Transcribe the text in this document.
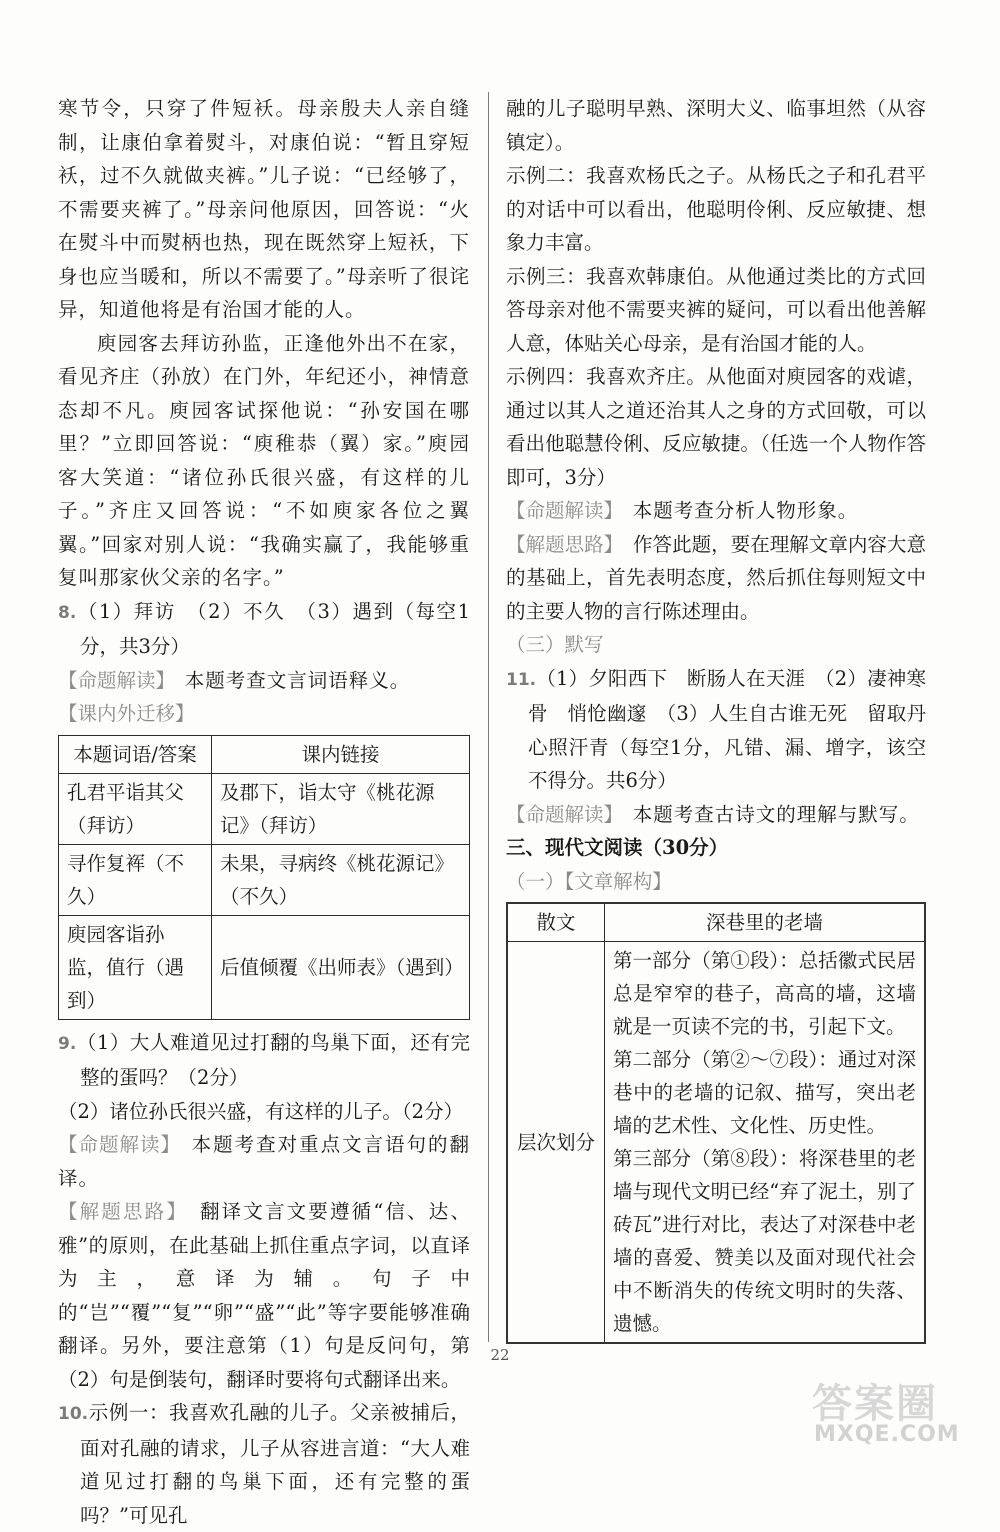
寒节令，只穿了件短袄。母亲殷夫人亲自缝制，让康伯拿着熨斗，对康伯说：“暂且穿短袄，过不久就做夹裤。”儿子说：“已经够了，不需要夹裤了。”母亲问他原因，回答说：“火在熨斗中而熨柄也热，现在既然穿上短袄，下身也应当暖和，所以不需要了。”母亲听了很诧异，知道他将是有治国才能的人。

庾园客去拜访孙监，正逢他外出不在家，看见齐庄（孙放）在门外，年纪还小，神情意态却不凡。庾园客试探他说：“孙安国在哪里？”立即回答说：“庾稚恭（翼）家。”庾园客大笑道：“诸位孙氏很兴盛，有这样的儿子。”齐庄又回答说：“不如庾家各位之翼翼。”回家对别人说：“我确实赢了，我能够重复叫那家伙父亲的名字。”

8.（1）拜访　（2）不久　（3）遇到（每空1分，共3分）

【命题解读】　 本题考查文言词语释义。

【课内外迁移】

本题词语/答案	课内链接
孔君平诣其父（拜访）	及郡下，诣太守《桃花源记》（拜访）
寻作复裈（不久）	未果，寻病终《桃花源记》（不久）
庾园客诣孙监，值行（遇到）	后值倾覆《出师表》（遇到）

9.（1）大人难道见过打翻的鸟巢下面，还有完整的蛋吗？（2分）

（2）诸位孙氏很兴盛，有这样的儿子。（2分）

【命题解读】　 本题考查对重点文言语句的翻译。

【解题思路】　 翻译文言文要遵循“信、达、雅”的原则，在此基础上抓住重点字词，以直译为主，意译为辅。句子中的“岂”“覆”“复”“卵”“盛”“此”等字要能够准确翻译。另外，要注意第（1）句是反问句，第（2）句是倒装句，翻译时要将句式翻译出来。

10.示例一：我喜欢孔融的儿子。父亲被捕后，面对孔融的请求，儿子从容进言道：“大人难道见过打翻的鸟巢下面，还有完整的蛋吗？”可见孔

融的儿子聪明早熟、深明大义、临事坦然（从容镇定）。

示例二：我喜欢杨氏之子。从杨氏之子和孔君平的对话中可以看出，他聪明伶俐、反应敏捷、想象力丰富。

示例三：我喜欢韩康伯。从他通过类比的方式回答母亲对他不需要夹裤的疑问，可以看出他善解人意，体贴关心母亲，是有治国才能的人。

示例四：我喜欢齐庄。从他面对庾园客的戏谑，通过以其人之道还治其人之身的方式回敬，可以看出他聪慧伶俐、反应敏捷。（任选一个人物作答即可，3分）

【命题解读】　 本题考查分析人物形象。

【解题思路】　 作答此题，要在理解文章内容大意的基础上，首先表明态度，然后抓住每则短文中的主要人物的言行陈述理由。

（三）默写

11.（1）夕阳西下　断肠人在天涯　（2）凄神寒骨　悄怆幽邃　（3）人生自古谁无死　留取丹心照汗青（每空1分，凡错、漏、增字，该空不得分。共6分）

【命题解读】　 本题考查古诗文的理解与默写。

三、现代文阅读（30分）

（一）【文章解构】

散文	深巷里的老墙
层次划分	第一部分（第①段）：总括徽式民居总是窄窄的巷子，高高的墙，这墙就是一页读不完的书，引起下文。

第二部分（第②～⑦段）：通过对深巷中的老墙的记叙、描写，突出老墙的艺术性、文化性、历史性。

第三部分（第⑧段）：将深巷里的老墙与现代文明已经“弃了泥土，别了砖瓦”进行对比，表达了对深巷中老墙的喜爱、赞美以及面对现代社会中不断消失的传统文明时的失落、遗憾。

22
答案圈
MXQE.COM
